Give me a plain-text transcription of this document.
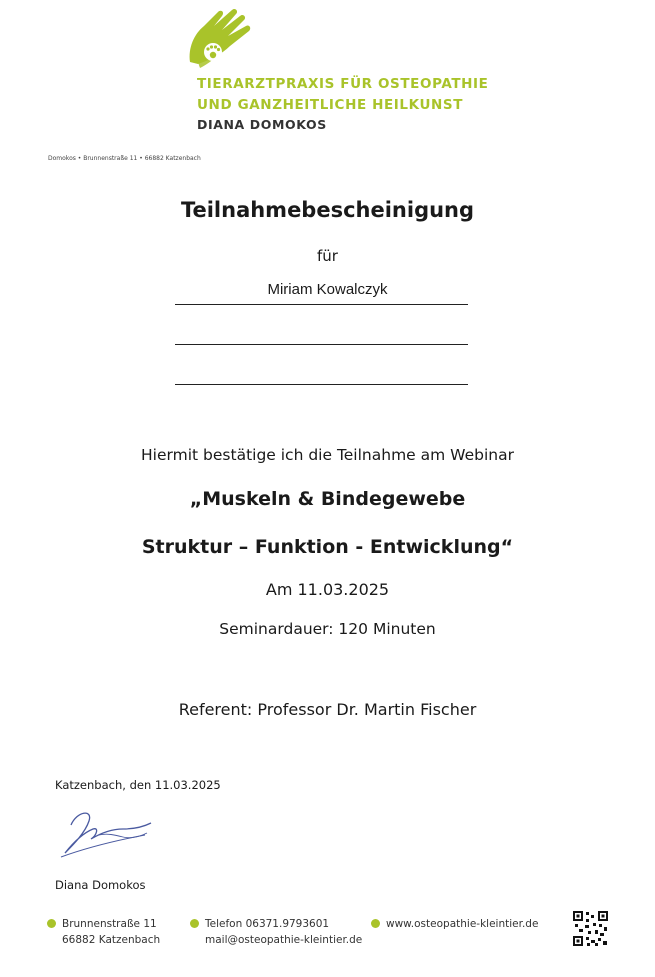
TIERARZTPRAXIS FÜR OSTEOPATHIE
UND GANZHEITLICHE HEILKUNST
DIANA DOMOKOS
Domokos • Brunnenstraße 11 • 66882 Katzenbach
Teilnahmebescheinigung
für
Miriam Kowalczyk
Hiermit bestätige ich die Teilnahme am Webinar
„Muskeln & Bindegewebe
Struktur – Funktion - Entwicklung“
Am 11.03.2025
Seminardauer: 120 Minuten
Referent: Professor Dr. Martin Fischer
Katzenbach, den 11.03.2025
Diana Domokos
Brunnenstraße 11
66882 Katzenbach
Telefon 06371.9793601
mail@osteopathie-kleintier.de
www.osteopathie-kleintier.de
